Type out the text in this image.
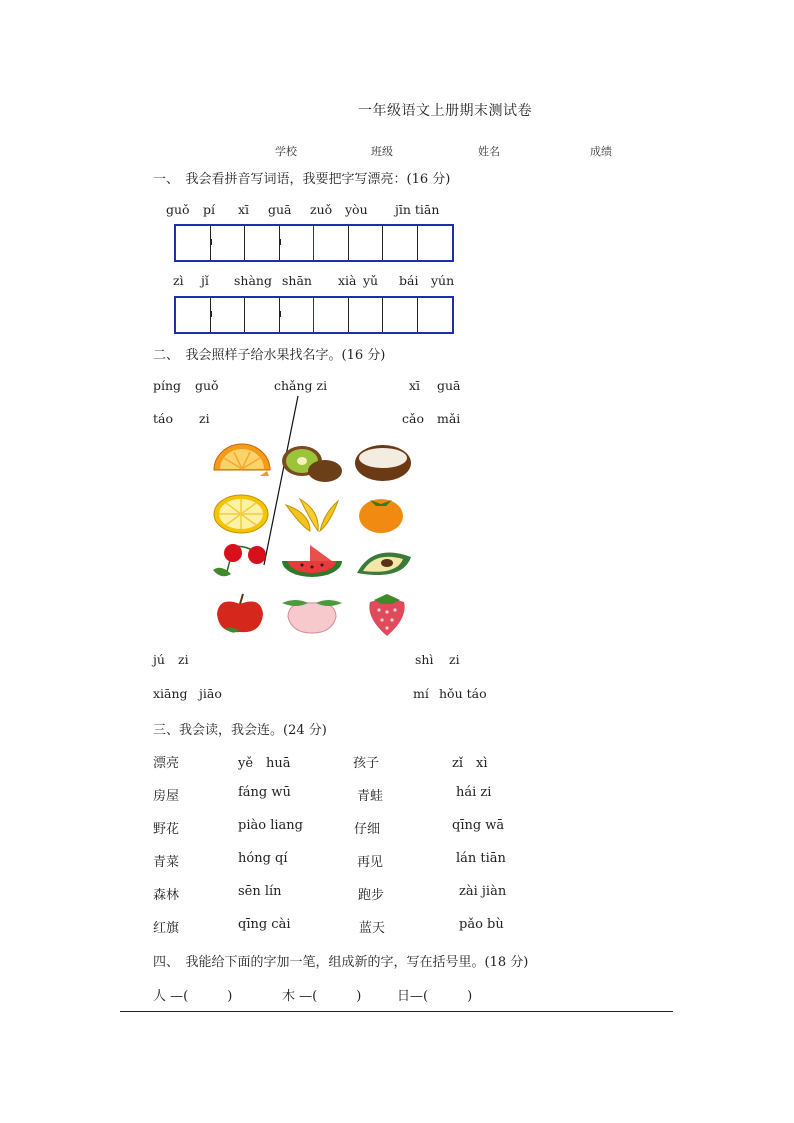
一年级语文上册期末测试卷
学校	班级	姓名	成绩
一、　我会看拼音写词语，我要把字写漂亮：(16 分)
guǒ pí xī guā zuǒ yòu jīn tiān
zì jǐ shàng shān xià yǔ bái yún
二、　我会照样子给水果找名字。(16 分)
píng guǒ	chǎng zi	xī guā
táo zi	cǎo mǎi
jú zi	shì zi
xiāng jiāo	mí hǒu táo
三、我会读，我会连。(24 分)
漂亮	yě　huā	孩子	zǐ　xì
房屋	fáng wū	青蛙	hái zi
野花	piào liang	仔细	qīng wā
青菜	hóng qí	再见	lán tiān
森林	sēn lín	跑步	zài jiàn
红旗	qīng cài	蓝天	pǎo bù
四、　我能给下面的字加一笔，组成新的字，写在括号里。(18 分)
人 —(　　　)	木 —(　　　)	日—(　　　)
